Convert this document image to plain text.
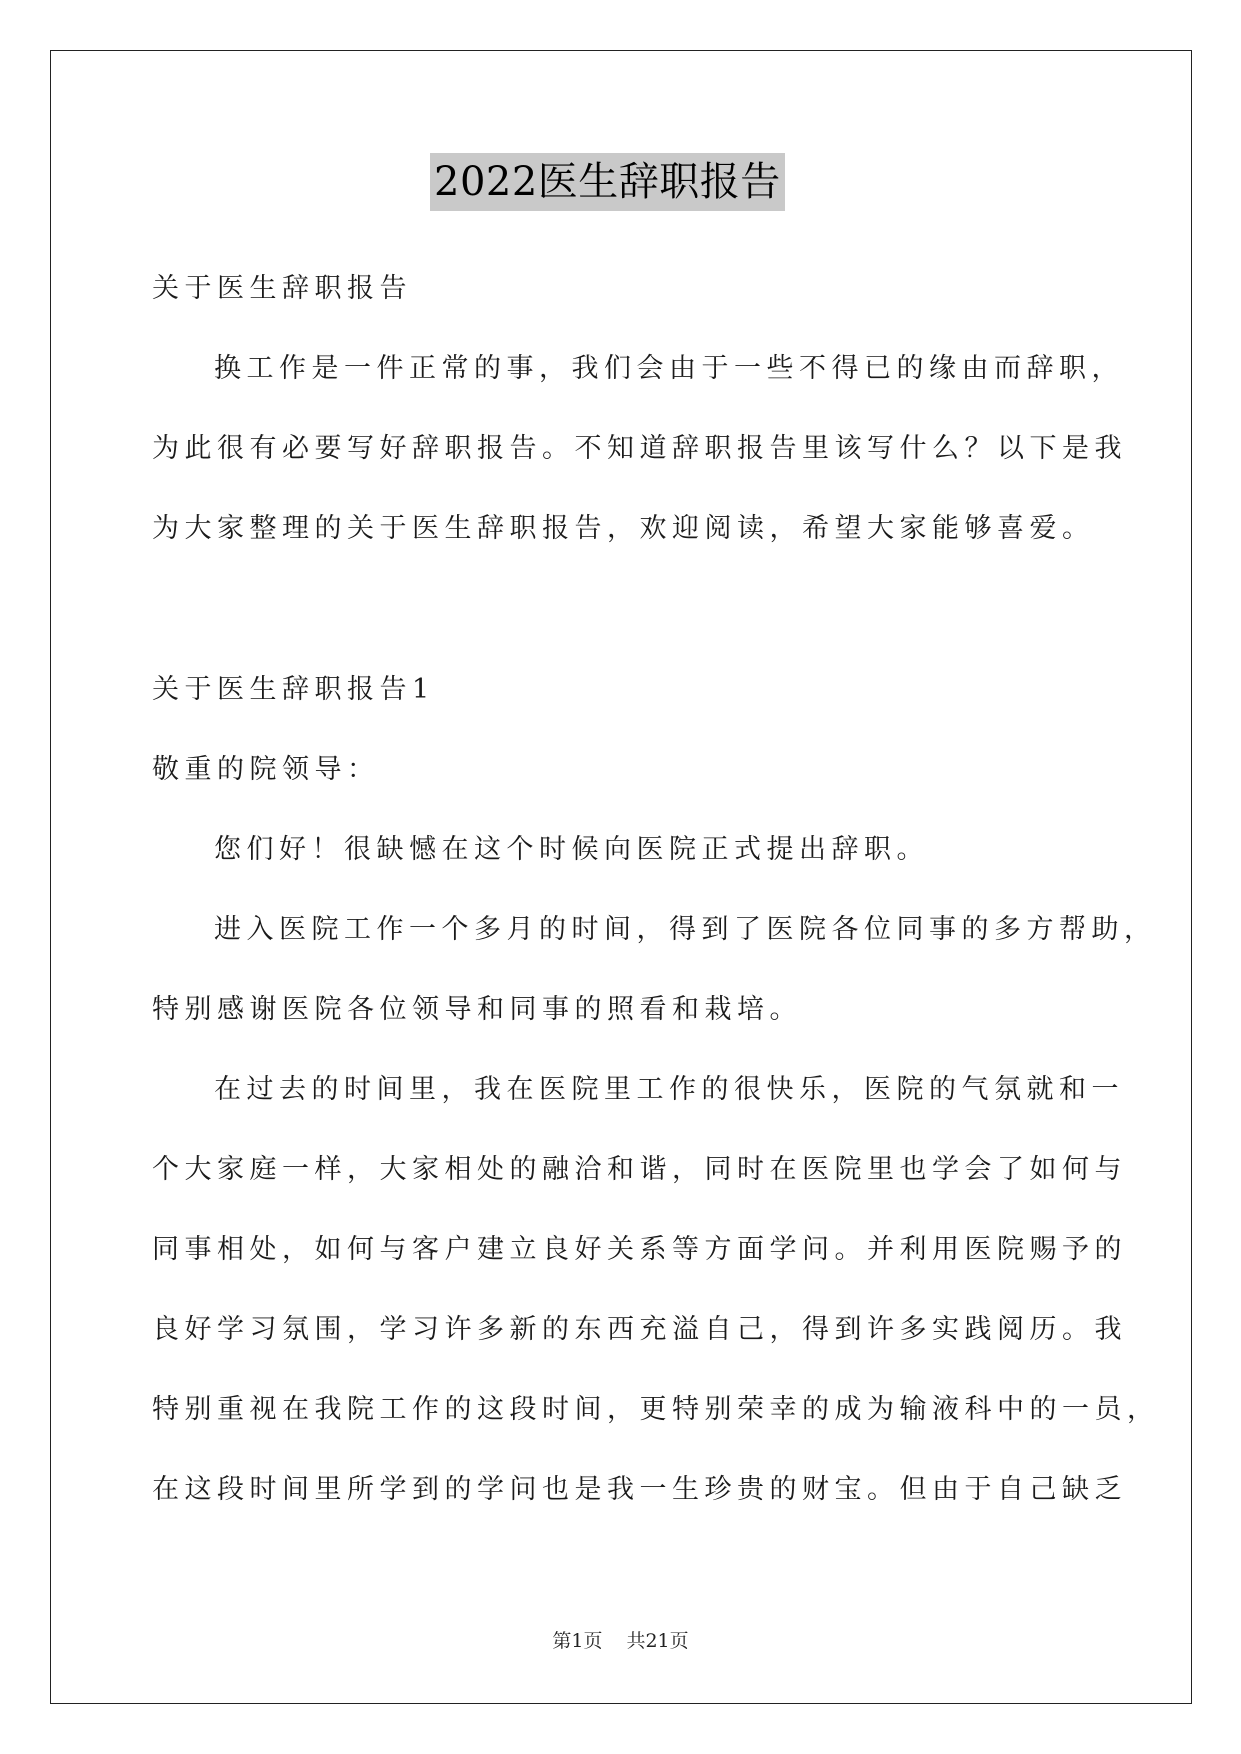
2022医生辞职报告
关于医生辞职报告
换工作是一件正常的事，我们会由于一些不得已的缘由而辞职，
为此很有必要写好辞职报告。不知道辞职报告里该写什么？以下是我
为大家整理的关于医生辞职报告，欢迎阅读，希望大家能够喜爱。
关于医生辞职报告1
敬重的院领导：
您们好！很缺憾在这个时候向医院正式提出辞职。
进入医院工作一个多月的时间，得到了医院各位同事的多方帮助，
特别感谢医院各位领导和同事的照看和栽培。
在过去的时间里，我在医院里工作的很快乐，医院的气氛就和一
个大家庭一样，大家相处的融洽和谐，同时在医院里也学会了如何与
同事相处，如何与客户建立良好关系等方面学问。并利用医院赐予的
良好学习氛围，学习许多新的东西充溢自己，得到许多实践阅历。我
特别重视在我院工作的这段时间，更特别荣幸的成为输液科中的一员，
在这段时间里所学到的学问也是我一生珍贵的财宝。但由于自己缺乏
第1页 共21页
